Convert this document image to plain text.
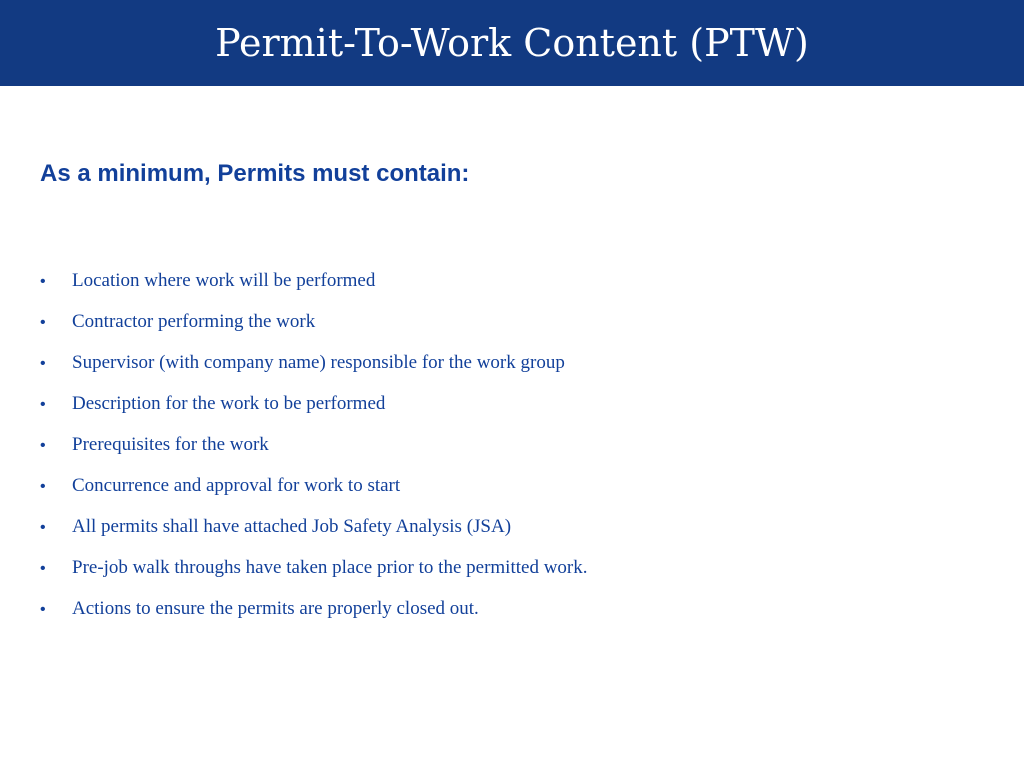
Permit-To-Work Content (PTW)
As a minimum, Permits must contain:
•	Location where work will be performed
•	Contractor performing the work
•	Supervisor (with company name) responsible for the work group
•	Description for the work to be performed
•	Prerequisites for the work
•	Concurrence and approval for work to start
•	All permits shall have attached Job Safety Analysis (JSA)
•	Pre-job walk throughs have taken place prior to the permitted work.
•	Actions to ensure the permits are properly closed out.
